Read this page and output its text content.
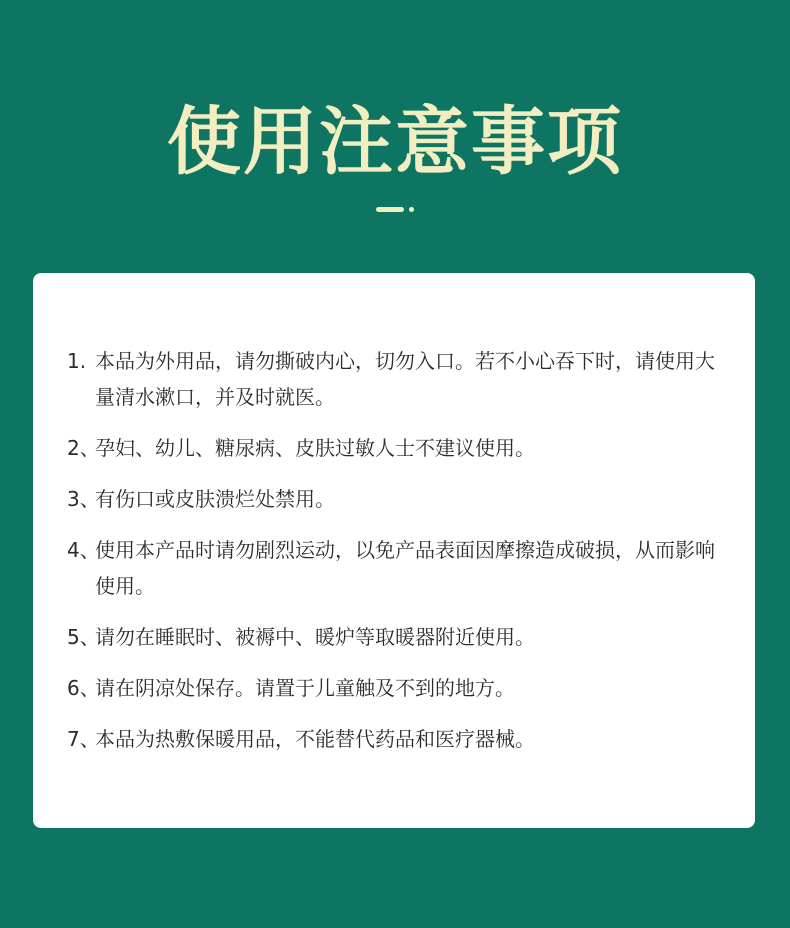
使用注意事项
1. 本品为外用品，请勿撕破内心，切勿入口。若不小心吞下时，请使用大量清水漱口，并及时就医。
2、
孕妇、幼儿、糖尿病、皮肤过敏人士不建议使用。
3、
有伤口或皮肤溃烂处禁用。
4、
使用本产品时请勿剧烈运动，以免产品表面因摩擦造成破损，从而影响使用。
5、
请勿在睡眠时、被褥中、暖炉等取暖器附近使用。
6、
请在阴凉处保存。请置于儿童触及不到的地方。
7、
本品为热敷保暖用品，不能替代药品和医疗器械。
